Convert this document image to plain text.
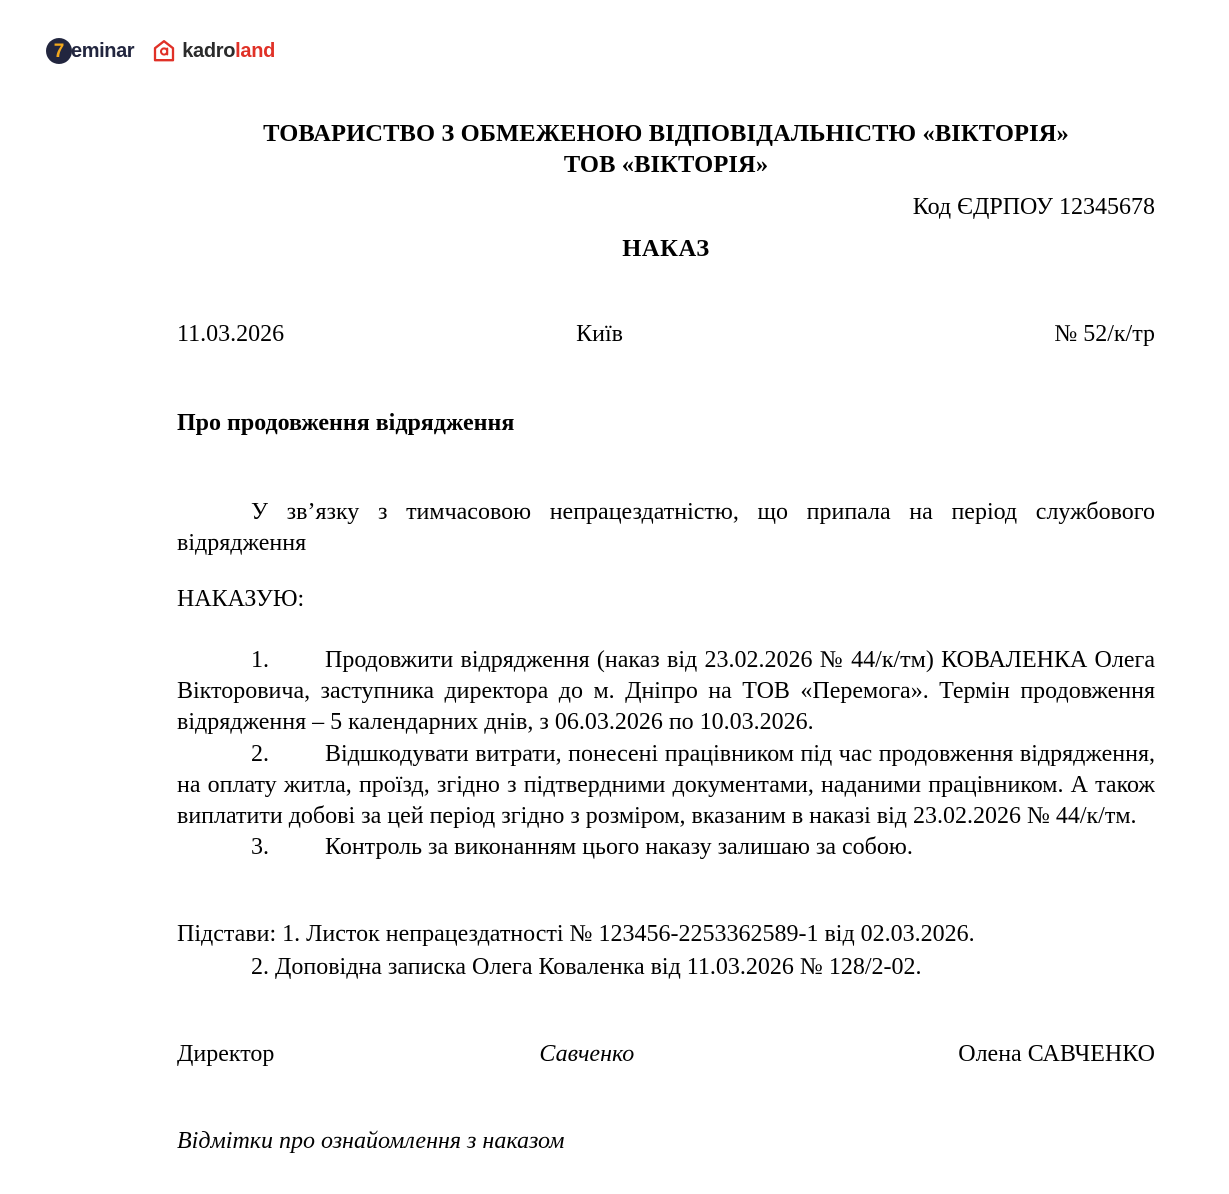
7 eminar kadroland
ТОВАРИСТВО З ОБМЕЖЕНОЮ ВІДПОВІДАЛЬНІСТЮ «ВІКТОРІЯ»
ТОВ «ВІКТОРІЯ»
Код ЄДРПОУ 12345678
НАКАЗ
11.03.2026	Київ	№ 52/к/тр
Про продовження відрядження
У зв’язку з тимчасовою непрацездатністю, що припала на період службового відрядження
НАКАЗУЮ:

1. Продовжити відрядження (наказ від 23.02.2026 № 44/к/тм) КОВАЛЕНКА Олега Вікторовича, заступника директора до м. Дніпро на ТОВ «Перемога». Термін продовження відрядження – 5 календарних днів, з 06.03.2026 по 10.03.2026.

2. Відшкодувати витрати, понесені працівником під час продовження відрядження, на оплату житла, проїзд, згідно з підтвердними документами, наданими працівником. А також виплатити добові за цей період згідно з розміром, вказаним в наказі від 23.02.2026 № 44/к/тм.

3. Контроль за виконанням цього наказу залишаю за собою.

Підстави: 1. Листок непрацездатності № 123456-2253362589-1 від 02.03.2026.
2. Доповідна записка Олега Коваленка від 11.03.2026 № 128/2-02.
Директор	Савченко	Олена САВЧЕНКО
Відмітки про ознайомлення з наказом
